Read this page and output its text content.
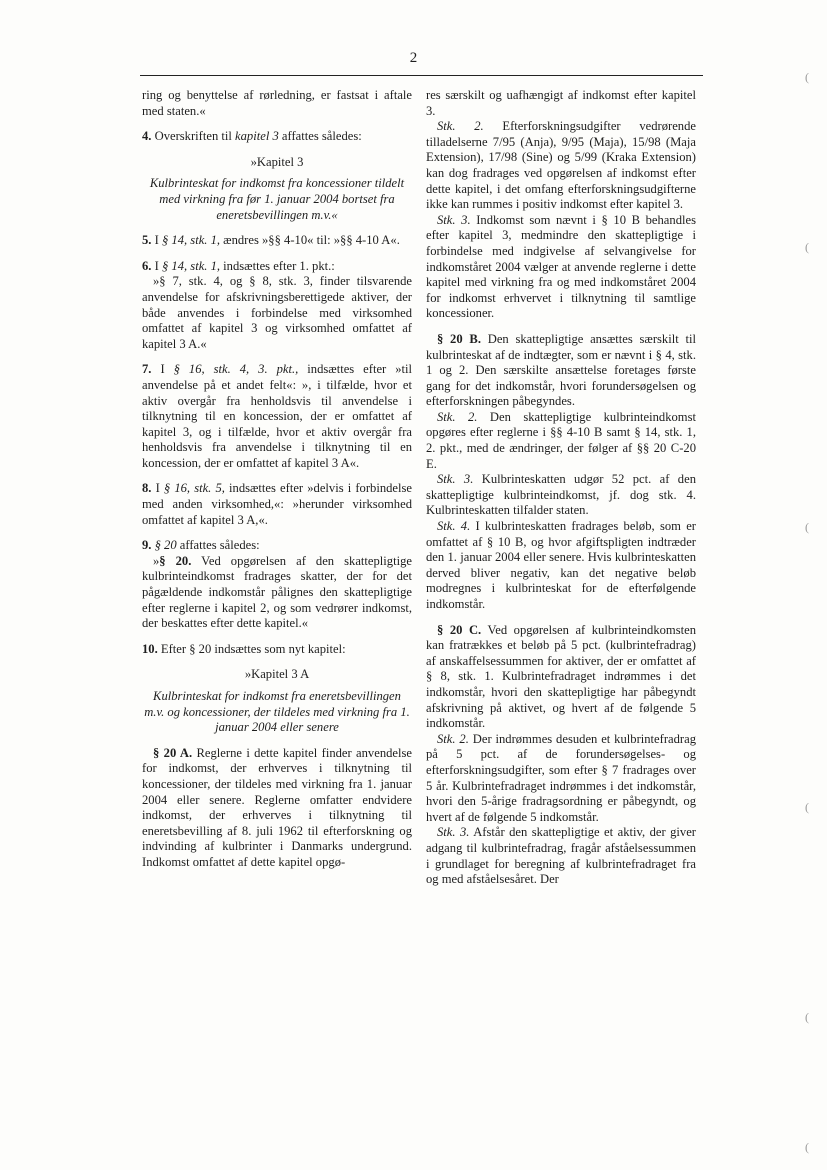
2

ring og benyttelse af rørledning, er fastsat i aftale med staten.«

4. Overskriften til kapitel 3 affattes således:

»Kapitel 3

Kulbrinteskat for indkomst fra koncessioner tildelt med virkning fra før 1. januar 2004 bortset fra eneretsbevillingen m.v.«

5. I § 14, stk. 1, ændres »§§ 4-10« til: »§§ 4-10 A«.

6. I § 14, stk. 1, indsættes efter 1. pkt.:

»§ 7, stk. 4, og § 8, stk. 3, finder tilsvarende anvendelse for afskrivningsberettigede aktiver, der både anvendes i forbindelse med virksomhed omfattet af kapitel 3 og virksomhed omfattet af kapitel 3 A.«

7. I § 16, stk. 4, 3. pkt., indsættes efter »til anvendelse på et andet felt«: », i tilfælde, hvor et aktiv overgår fra henholdsvis til anvendelse i tilknytning til en koncession, der er omfattet af kapitel 3, og i tilfælde, hvor et aktiv overgår fra henholdsvis fra anvendelse i tilknytning til en koncession, der er omfattet af kapitel 3 A«.

8. I § 16, stk. 5, indsættes efter »delvis i forbindelse med anden virksomhed,«: »herunder virksomhed omfattet af kapitel 3 A,«.

9. § 20 affattes således:

»§ 20. Ved opgørelsen af den skattepligtige kulbrinteindkomst fradrages skatter, der for det pågældende indkomstår pålignes den skattepligtige efter reglerne i kapitel 2, og som vedrører indkomst, der beskattes efter dette kapitel.«

10. Efter § 20 indsættes som nyt kapitel:

»Kapitel 3 A

Kulbrinteskat for indkomst fra eneretsbevillingen m.v. og koncessioner, der tildeles med virkning fra 1. januar 2004 eller senere

§ 20 A. Reglerne i dette kapitel finder anvendelse for indkomst, der erhverves i tilknytning til koncessioner, der tildeles med virkning fra 1. januar 2004 eller senere. Reglerne omfatter endvidere indkomst, der erhverves i tilknytning til eneretsbevilling af 8. juli 1962 til efterforskning og indvinding af kulbrinter i Danmarks undergrund. Indkomst omfattet af dette kapitel opgø-

res særskilt og uafhængigt af indkomst efter kapitel 3.

Stk. 2. Efterforskningsudgifter vedrørende tilladelserne 7/95 (Anja), 9/95 (Maja), 15/98 (Maja Extension), 17/98 (Sine) og 5/99 (Kraka Extension) kan dog fradrages ved opgørelsen af indkomst efter dette kapitel, i det omfang efterforskningsudgifterne ikke kan rummes i positiv indkomst efter kapitel 3.

Stk. 3. Indkomst som nævnt i § 10 B behandles efter kapitel 3, medmindre den skattepligtige i forbindelse med indgivelse af selvangivelse for indkomståret 2004 vælger at anvende reglerne i dette kapitel med virkning fra og med indkomståret 2004 for indkomst erhvervet i tilknytning til samtlige koncessioner.

§ 20 B. Den skattepligtige ansættes særskilt til kulbrinteskat af de indtægter, som er nævnt i § 4, stk. 1 og 2. Den særskilte ansættelse foretages første gang for det indkomstår, hvori forundersøgelsen og efterforskningen påbegyndes.

Stk. 2. Den skattepligtige kulbrinteindkomst opgøres efter reglerne i §§ 4-10 B samt § 14, stk. 1, 2. pkt., med de ændringer, der følger af §§ 20 C-20 E.

Stk. 3. Kulbrinteskatten udgør 52 pct. af den skattepligtige kulbrinteindkomst, jf. dog stk. 4. Kulbrinteskatten tilfalder staten.

Stk. 4. I kulbrinteskatten fradrages beløb, som er omfattet af § 10 B, og hvor afgiftspligten indtræder den 1. januar 2004 eller senere. Hvis kulbrinteskatten derved bliver negativ, kan det negative beløb modregnes i kulbrinteskat for de efterfølgende indkomstår.

§ 20 C. Ved opgørelsen af kulbrinteindkomsten kan fratrækkes et beløb på 5 pct. (kulbrintefradrag) af anskaffelsessummen for aktiver, der er omfattet af § 8, stk. 1. Kulbrintefradraget indrømmes i det indkomstår, hvori den skattepligtige har påbegyndt afskrivning på aktivet, og hvert af de følgende 5 indkomstår.

Stk. 2. Der indrømmes desuden et kulbrintefradrag på 5 pct. af de forundersøgelses- og efterforskningsudgifter, som efter § 7 fradrages over 5 år. Kulbrintefradraget indrømmes i det indkomstår, hvori den 5-årige fradragsordning er påbegyndt, og hvert af de følgende 5 indkomstår.

Stk. 3. Afstår den skattepligtige et aktiv, der giver adgang til kulbrintefradrag, fragår afståelsessummen i grundlaget for beregning af kulbrintefradraget fra og med afståelsesåret. Der

(
(
(
(
(
(
